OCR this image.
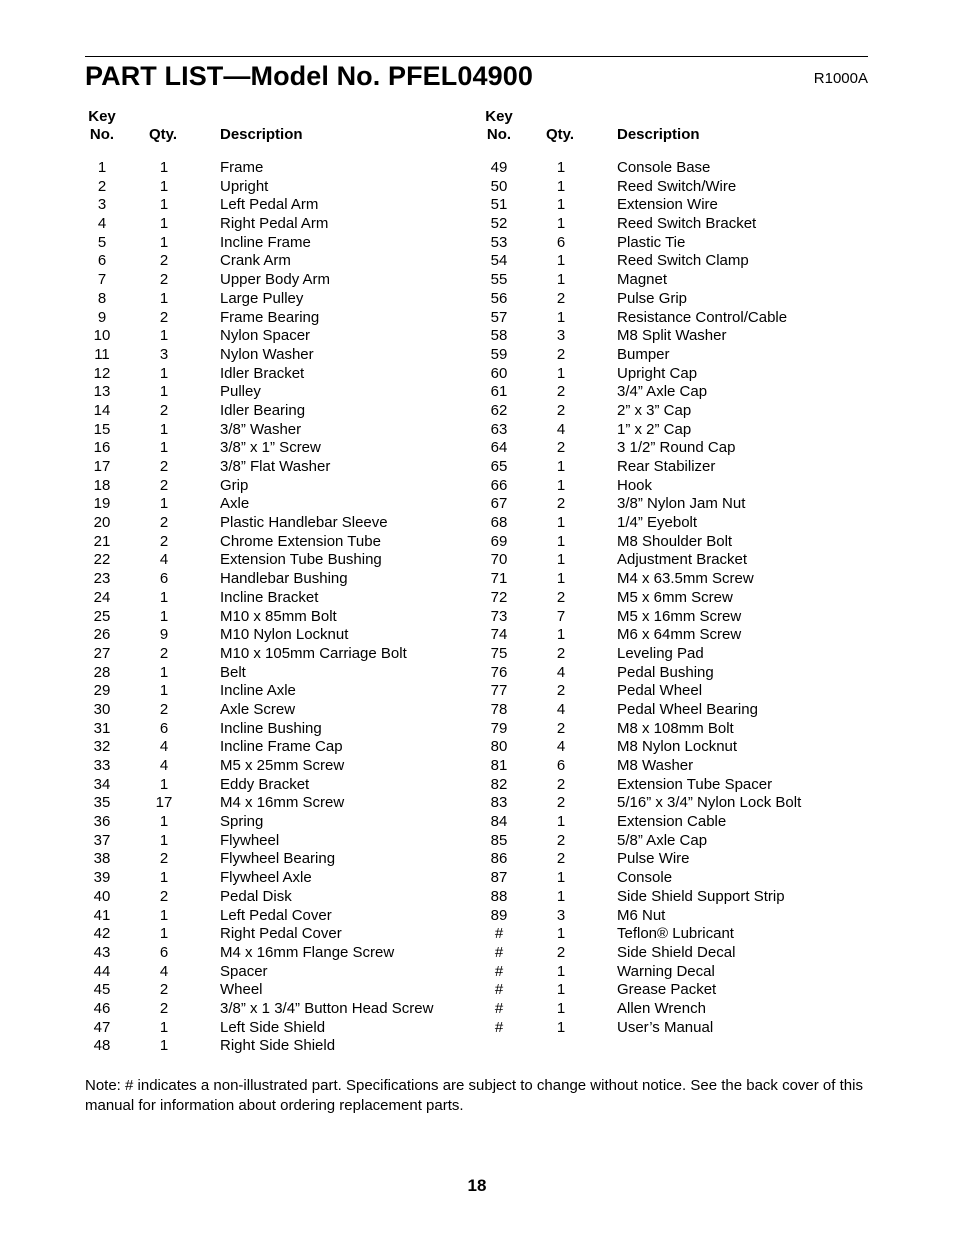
PART LIST—Model No. PFEL04900	R1000A
Key
No.	Qty.	Description
1	1	Frame
2	1	Upright
3	1	Left Pedal Arm
4	1	Right Pedal Arm
5	1	Incline Frame
6	2	Crank Arm
7	2	Upper Body Arm
8	1	Large Pulley
9	2	Frame Bearing
10	1	Nylon Spacer
11	3	Nylon Washer
12	1	Idler Bracket
13	1	Pulley
14	2	Idler Bearing
15	1	3/8” Washer
16	1	3/8” x 1” Screw
17	2	3/8” Flat Washer
18	2	Grip
19	1	Axle
20	2	Plastic Handlebar Sleeve
21	2	Chrome Extension Tube
22	4	Extension Tube Bushing
23	6	Handlebar Bushing
24	1	Incline Bracket
25	1	M10 x 85mm Bolt
26	9	M10 Nylon Locknut
27	2	M10 x 105mm Carriage Bolt
28	1	Belt
29	1	Incline Axle
30	2	Axle Screw
31	6	Incline Bushing
32	4	Incline Frame Cap
33	4	M5 x 25mm Screw
34	1	Eddy Bracket
35	17	M4 x 16mm Screw
36	1	Spring
37	1	Flywheel
38	2	Flywheel Bearing
39	1	Flywheel Axle
40	2	Pedal Disk
41	1	Left Pedal Cover
42	1	Right Pedal Cover
43	6	M4 x 16mm Flange Screw
44	4	Spacer
45	2	Wheel
46	2	3/8” x 1 3/4” Button Head Screw
47	1	Left Side Shield
48	1	Right Side Shield
Key
No.	Qty.	Description
49	1	Console Base
50	1	Reed Switch/Wire
51	1	Extension Wire
52	1	Reed Switch Bracket
53	6	Plastic Tie
54	1	Reed Switch Clamp
55	1	Magnet
56	2	Pulse Grip
57	1	Resistance Control/Cable
58	3	M8 Split Washer
59	2	Bumper
60	1	Upright Cap
61	2	3/4” Axle Cap
62	2	2” x 3” Cap
63	4	1” x 2” Cap
64	2	3 1/2” Round Cap
65	1	Rear Stabilizer
66	1	Hook
67	2	3/8” Nylon Jam Nut
68	1	1/4” Eyebolt
69	1	M8 Shoulder Bolt
70	1	Adjustment Bracket
71	1	M4 x 63.5mm Screw
72	2	M5 x 6mm Screw
73	7	M5 x 16mm Screw
74	1	M6 x 64mm Screw
75	2	Leveling Pad
76	4	Pedal Bushing
77	2	Pedal Wheel
78	4	Pedal Wheel Bearing
79	2	M8 x 108mm Bolt
80	4	M8 Nylon Locknut
81	6	M8 Washer
82	2	Extension Tube Spacer
83	2	5/16” x 3/4” Nylon Lock Bolt
84	1	Extension Cable
85	2	5/8” Axle Cap
86	2	Pulse Wire
87	1	Console
88	1	Side Shield Support Strip
89	3	M6 Nut
#	1	Teflon® Lubricant
#	2	Side Shield Decal
#	1	Warning Decal
#	1	Grease Packet
#	1	Allen Wrench
#	1	User’s Manual

Note: # indicates a non-illustrated part. Specifications are subject to change without notice. See the back cover of this manual for information about ordering replacement parts.

18
